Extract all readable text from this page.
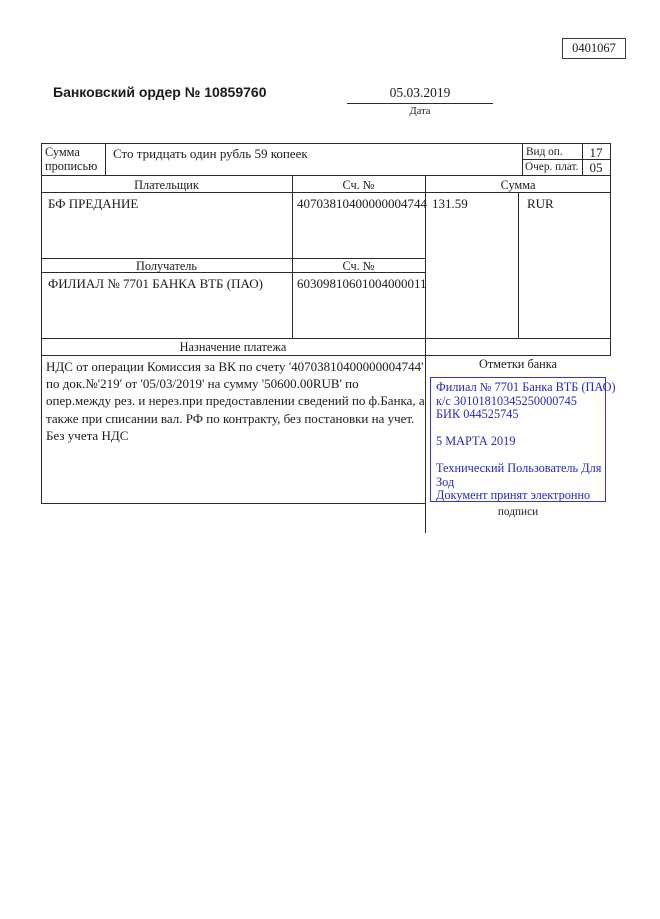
0401067
Банковский ордер № 10859760	05.03.2019
Дата
Сумма
прописью
Сто тридцать один рубль 59 копеек	Вид оп.	17
Очер. плат. 05
Плательщик	Сч. №	Сумма
БФ ПРЕДАНИЕ	40703810400000004744 131.59	RUR
Получатель	Сч. №
ФИЛИАЛ № 7701 БАНКА ВТБ (ПАО)	60309810601004000011
Назначение платежа
НДС от операции Комиссия за ВК по счету '40703810400000004744'
по док.№'219' от '05/03/2019' на сумму '50600.00RUB' по
опер.между рез. и нерез.при предоставлении сведений по ф.Банка, а
также при списании вал. РФ по контракту, без постановки на учет.
Без учета НДС
Отметки банка
Филиал № 7701 Банка ВТБ (ПАО)
к/с 30101810345250000745
БИК 044525745
5 МАРТА 2019
Технический Пользователь Для
Зод
Документ принят электронно
подписи
